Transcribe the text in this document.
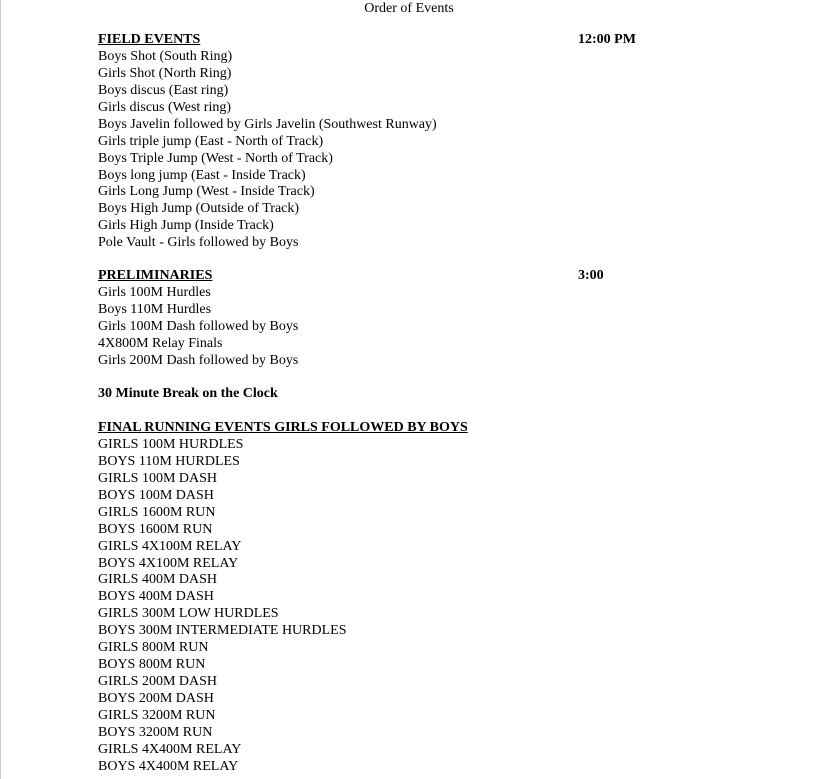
Order of Events
FIELD EVENTS	12:00 PM
Boys Shot (South Ring)
Girls Shot (North Ring)
Boys discus (East ring)
Girls discus (West ring)
Boys Javelin followed by Girls Javelin (Southwest Runway)
Girls triple jump (East - North of Track)
Boys Triple Jump (West - North of Track)
Boys long jump (East - Inside Track)
Girls Long Jump (West - Inside Track)
Boys High Jump (Outside of Track)
Girls High Jump (Inside Track)
Pole Vault - Girls followed by Boys
PRELIMINARIES	3:00
Girls 100M Hurdles
Boys 110M Hurdles
Girls 100M Dash followed by Boys
4X800M Relay Finals
Girls 200M Dash followed by Boys
30 Minute Break on the Clock
FINAL RUNNING EVENTS GIRLS FOLLOWED BY BOYS
GIRLS 100M HURDLES
BOYS 110M HURDLES
GIRLS 100M DASH
BOYS 100M DASH
GIRLS 1600M RUN
BOYS 1600M RUN
GIRLS 4X100M RELAY
BOYS 4X100M RELAY
GIRLS 400M DASH
BOYS 400M DASH
GIRLS 300M LOW HURDLES
BOYS 300M INTERMEDIATE HURDLES
GIRLS 800M RUN
BOYS 800M RUN
GIRLS 200M DASH
BOYS 200M DASH
GIRLS 3200M RUN
BOYS 3200M RUN
GIRLS 4X400M RELAY
BOYS 4X400M RELAY
